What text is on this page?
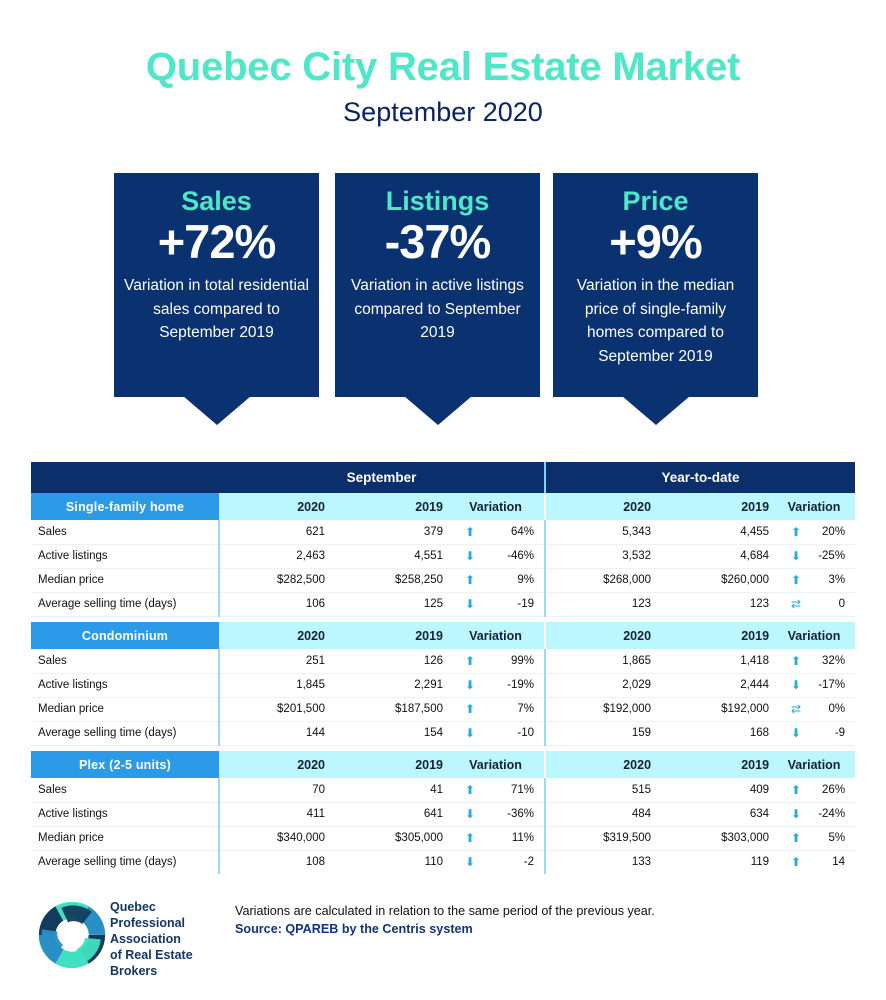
Quebec City Real Estate Market
September 2020
Sales
+72%
Variation in total residential sales compared to September 2019
Listings
-37%
Variation in active listings compared to September 2019
Price
+9%
Variation in the median price of single-family homes compared to September 2019
	September				Year-to-date			
Single-family home	2020	2019	Variation		2020	2019	Variation	
Sales	621	379	⬆	64%	5,343	4,455	⬆	20%
Active listings	2,463	4,551	⬇	-46%	3,532	4,684	⬇	-25%
Median price	$282,500	$258,250	⬆	9%	$268,000	$260,000	⬆	3%
Average selling time (days)	106	125	⬇	-19	123	123	⇄	0

Condominium	2020	2019	Variation		2020	2019	Variation	
Sales	251	126	⬆	99%	1,865	1,418	⬆	32%
Active listings	1,845	2,291	⬇	-19%	2,029	2,444	⬇	-17%
Median price	$201,500	$187,500	⬆	7%	$192,000	$192,000	⇄	0%
Average selling time (days)	144	154	⬇	-10	159	168	⬇	-9

Plex (2-5 units)	2020	2019	Variation		2020	2019	Variation	
Sales	70	41	⬆	71%	515	409	⬆	26%
Active listings	411	641	⬇	-36%	484	634	⬇	-24%
Median price	$340,000	$305,000	⬆	11%	$319,500	$303,000	⬆	5%
Average selling time (days)	108	110	⬇	-2	133	119	⬆	14
Quebec
Professional
Association
of Real Estate
Brokers
Variations are calculated in relation to the same period of the previous year.
Source: QPAREB by the Centris system
